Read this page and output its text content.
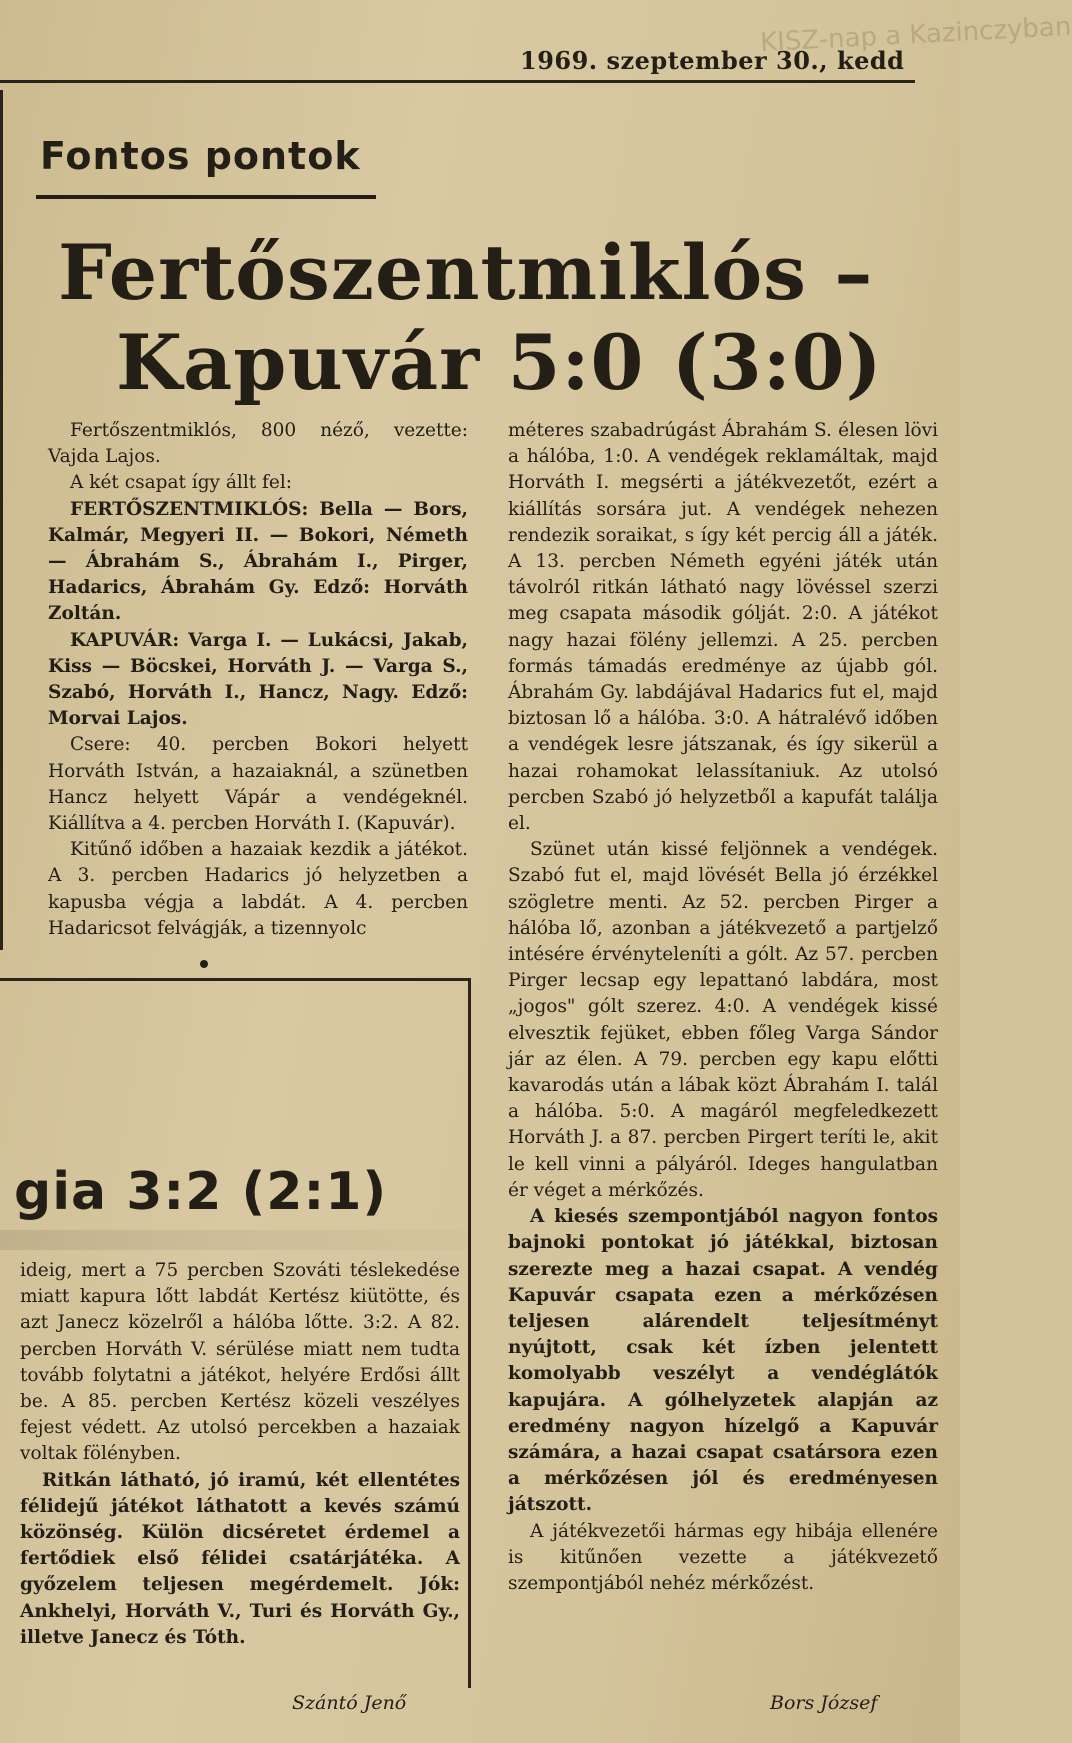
KISZ-nap a Kazinczyban
1969. szeptember 30., kedd
Fontos pontok
Fertőszentmiklós –
Kapuvár 5:0 (3:0)

Fertőszentmiklós, 800 néző, vezette: Vajda Lajos.

A két csapat így állt fel:

FERTŐSZENTMIKLÓS: Bella — Bors, Kalmár, Megyeri II. — Bokori, Németh — Ábrahám S., Ábrahám I., Pirger, Hadarics, Ábrahám Gy. Edző: Horváth Zoltán.

KAPUVÁR: Varga I. — Lukácsi, Jakab, Kiss — Böcskei, Horváth J. — Varga S., Szabó, Horváth I., Hancz, Nagy. Edző: Morvai Lajos.

Csere: 40. percben Bokori helyett Horváth István, a hazaiaknál, a szünetben Hancz helyett Vápár a vendégeknél. Kiállítva a 4. percben Horváth I. (Kapuvár).

Kitűnő időben a hazaiak kezdik a játékot. A 3. percben Hadarics jó helyzetben a kapusba végja a labdát. A 4. percben Hadaricsot felvágják, a tizennyolc

méteres szabadrúgást Ábrahám S. élesen lövi a hálóba, 1:0. A vendégek reklamáltak, majd Horváth I. megsérti a játékvezetőt, ezért a kiállítás sorsára jut. A vendégek nehezen rendezik soraikat, s így két percig áll a játék. A 13. percben Németh egyéni játék után távolról ritkán látható nagy lövéssel szerzi meg csapata második gólját. 2:0. A játékot nagy hazai fölény jellemzi. A 25. percben formás támadás eredménye az újabb gól. Ábrahám Gy. labdájával Hadarics fut el, majd biztosan lő a hálóba. 3:0. A hátralévő időben a vendégek lesre játszanak, és így sikerül a hazai rohamokat lelassítaniuk. Az utolsó percben Szabó jó helyzetből a kapufát találja el.

Szünet után kissé feljönnek a vendégek. Szabó fut el, majd lövését Bella jó érzékkel szögletre menti. Az 52. percben Pirger a hálóba lő, azonban a játékvezető a partjelző intésére érvényteleníti a gólt. Az 57. percben Pirger lecsap egy lepattanó labdára, most „jogos" gólt szerez. 4:0. A vendégek kissé elvesztik fejüket, ebben főleg Varga Sándor jár az élen. A 79. percben egy kapu előtti kavarodás után a lábak közt Ábrahám I. talál a hálóba. 5:0. A magáról megfeledkezett Horváth J. a 87. percben Pirgert teríti le, akit le kell vinni a pályáról. Ideges hangulatban ér véget a mérkőzés.

A kiesés szempontjából nagyon fontos bajnoki pontokat jó játékkal, biztosan szerezte meg a hazai csapat. A vendég Kapuvár csapata ezen a mérkőzésen teljesen alárendelt teljesítményt nyújtott, csak két ízben jelentett komolyabb veszélyt a vendéglátók kapujára. A gólhelyzetek alapján az eredmény nagyon hízelgő a Kapuvár számára, a hazai csapat csatársora ezen a mérkőzésen jól és eredményesen játszott.

A játékvezetői hármas egy hibája ellenére is kitűnően vezette a játékvezető szempontjából nehéz mérkőzést.

Bors József
gia 3:2 (2:1)

ideig, mert a 75 percben Szováti téslekedése miatt kapura lőtt labdát Kertész kiütötte, és azt Janecz közelről a hálóba lőtte. 3:2. A 82. percben Horváth V. sérülése miatt nem tudta tovább folytatni a játékot, helyére Erdősi állt be. A 85. percben Kertész közeli veszélyes fejest védett. Az utolsó percekben a hazaiak voltak fölényben.

Ritkán látható, jó iramú, két ellentétes félidejű játékot láthatott a kevés számú közönség. Külön dicséretet érdemel a fertődiek első félidei csatárjátéka. A győzelem teljesen megérdemelt. Jók: Ankhelyi, Horváth V., Turi és Horváth Gy., illetve Janecz és Tóth.

Szántó Jenő
